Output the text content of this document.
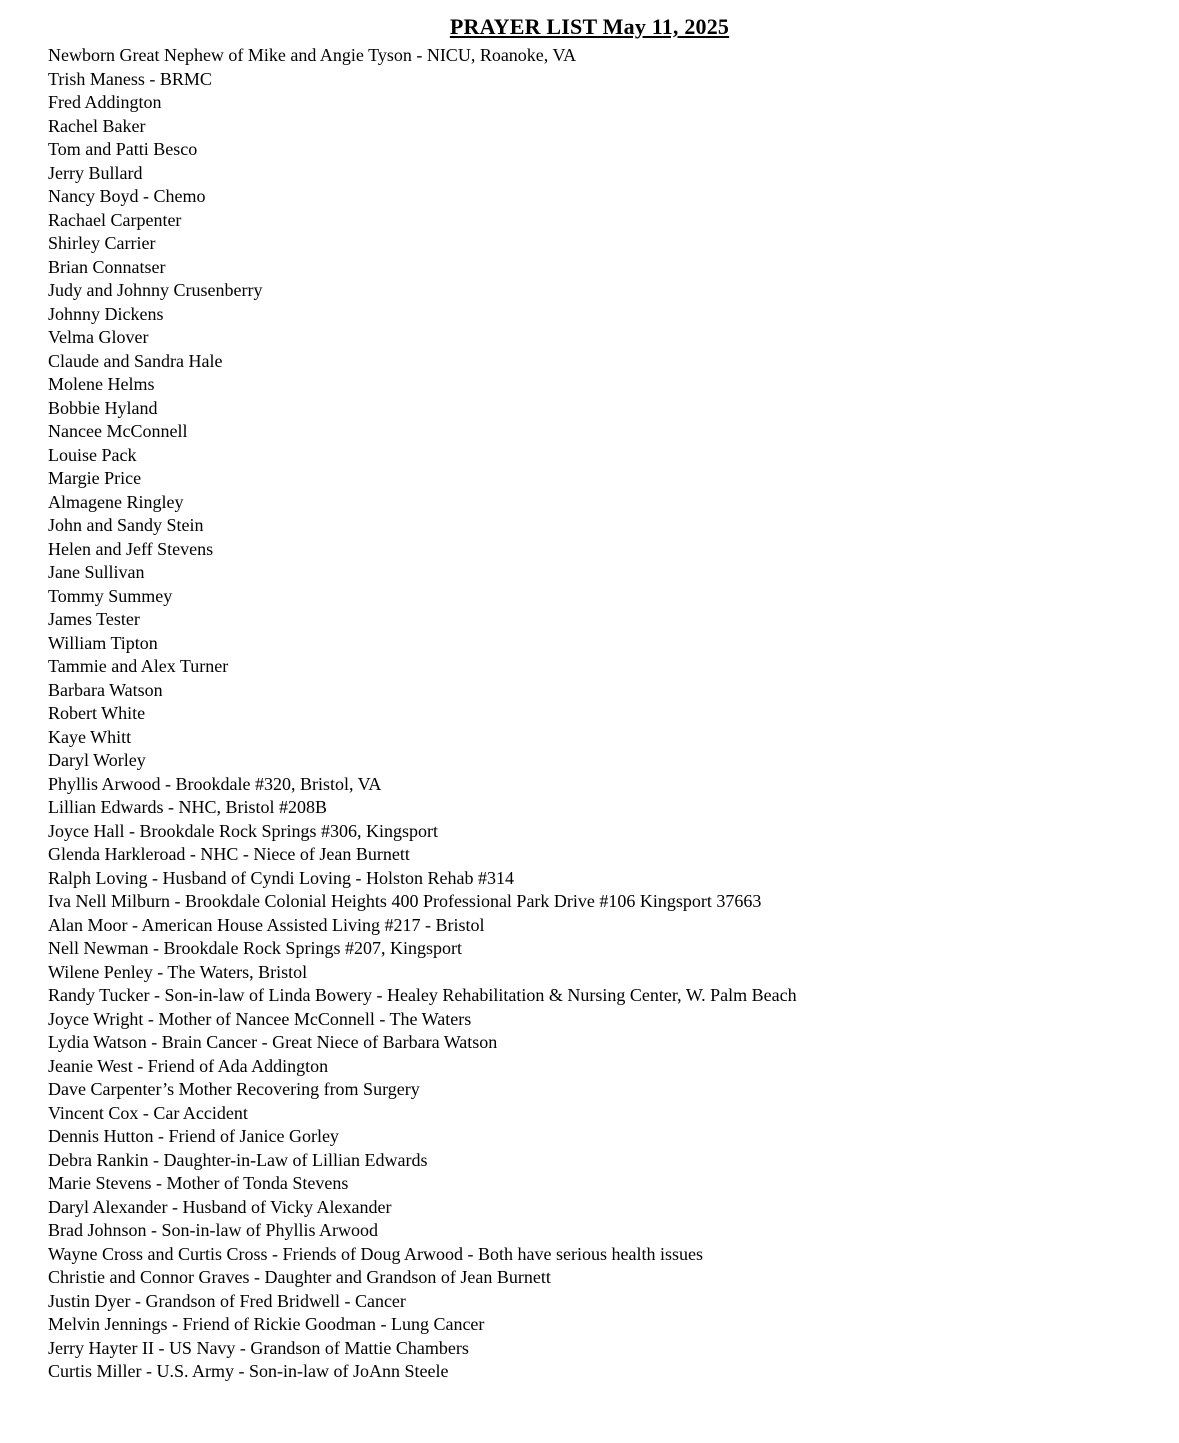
PRAYER LIST May 11, 2025
Newborn Great Nephew of Mike and Angie Tyson - NICU, Roanoke, VA
Trish Maness - BRMC
Fred Addington
Rachel Baker
Tom and Patti Besco
Jerry Bullard
Nancy Boyd - Chemo
Rachael Carpenter
Shirley Carrier
Brian Connatser
Judy and Johnny Crusenberry
Johnny Dickens
Velma Glover
Claude and Sandra Hale
Molene Helms
Bobbie Hyland
Nancee McConnell
Louise Pack
Margie Price
Almagene Ringley
John and Sandy Stein
Helen and Jeff Stevens
Jane Sullivan
Tommy Summey
James Tester
William Tipton
Tammie and Alex Turner
Barbara Watson
Robert White
Kaye Whitt
Daryl Worley
Phyllis Arwood - Brookdale #320, Bristol, VA
Lillian Edwards - NHC, Bristol #208B
Joyce Hall - Brookdale Rock Springs #306, Kingsport
Glenda Harkleroad - NHC - Niece of Jean Burnett
Ralph Loving - Husband of Cyndi Loving - Holston Rehab #314
Iva Nell Milburn - Brookdale Colonial Heights 400 Professional Park Drive #106 Kingsport 37663
Alan Moor - American House Assisted Living #217 - Bristol
Nell Newman - Brookdale Rock Springs #207, Kingsport
Wilene Penley - The Waters, Bristol
Randy Tucker - Son-in-law of Linda Bowery - Healey Rehabilitation & Nursing Center, W. Palm Beach
Joyce Wright - Mother of Nancee McConnell - The Waters
Lydia Watson - Brain Cancer - Great Niece of Barbara Watson
Jeanie West - Friend of Ada Addington
Dave Carpenter’s Mother Recovering from Surgery
Vincent Cox - Car Accident
Dennis Hutton - Friend of Janice Gorley
Debra Rankin - Daughter-in-Law of Lillian Edwards
Marie Stevens - Mother of Tonda Stevens
Daryl Alexander - Husband of Vicky Alexander
Brad Johnson - Son-in-law of Phyllis Arwood
Wayne Cross and Curtis Cross - Friends of Doug Arwood - Both have serious health issues
Christie and Connor Graves - Daughter and Grandson of Jean Burnett
Justin Dyer - Grandson of Fred Bridwell - Cancer
Melvin Jennings - Friend of Rickie Goodman - Lung Cancer
Jerry Hayter II - US Navy - Grandson of Mattie Chambers
Curtis Miller - U.S. Army - Son-in-law of JoAnn Steele
